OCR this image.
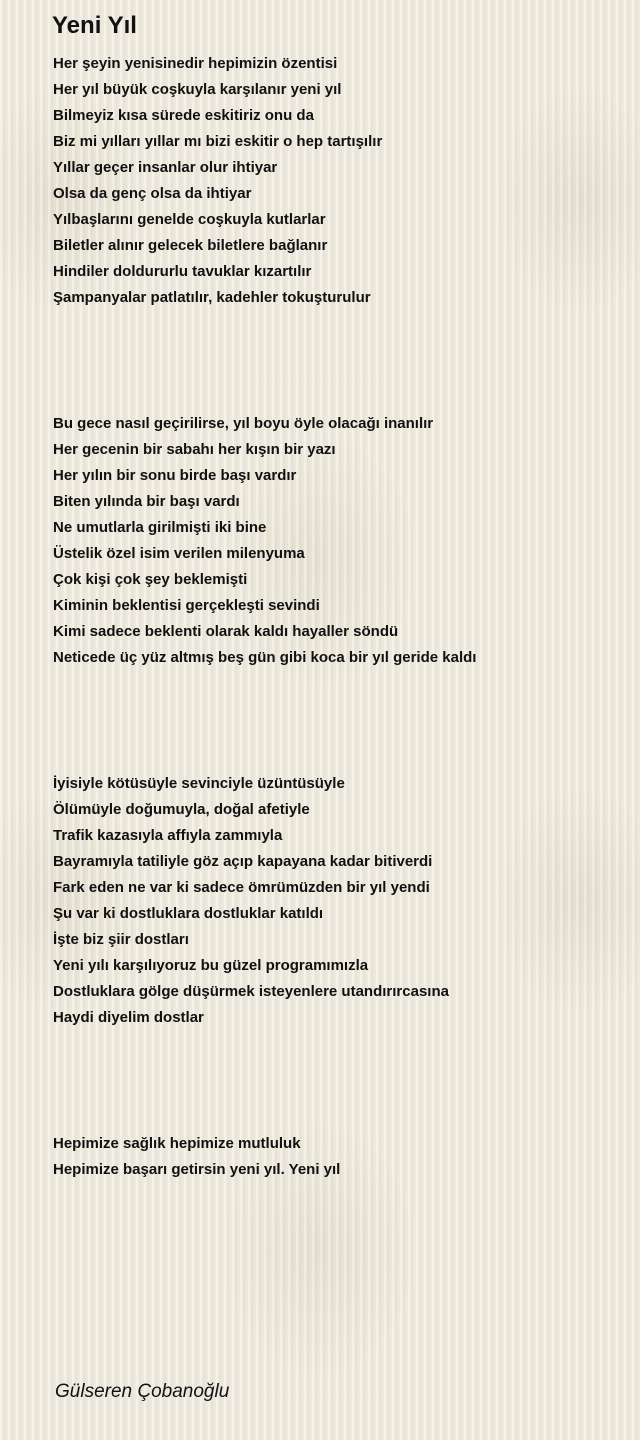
Yeni Yıl
Her şeyin yenisinedir hepimizin özentisi
Her yıl büyük coşkuyla karşılanır yeni yıl
Bilmeyiz kısa sürede eskitiriz onu da
Biz mi yılları yıllar mı bizi eskitir o hep tartışılır
Yıllar geçer insanlar olur ihtiyar
Olsa da genç olsa da ihtiyar
Yılbaşlarını genelde coşkuyla kutlarlar
Biletler alınır gelecek biletlere bağlanır
Hindiler doldururlu tavuklar kızartılır
Şampanyalar patlatılır, kadehler tokuşturulur
Bu gece nasıl geçirilirse, yıl boyu öyle olacağı inanılır
Her gecenin bir sabahı her kışın bir yazı
Her yılın bir sonu birde başı vardır
Biten yılında bir başı vardı
Ne umutlarla girilmişti iki bine
Üstelik özel isim verilen milenyuma
Çok kişi çok şey beklemişti
Kiminin beklentisi gerçekleşti sevindi
Kimi sadece beklenti olarak kaldı hayaller söndü
Neticede üç yüz altmış beş gün gibi koca bir yıl geride kaldı
İyisiyle kötüsüyle sevinciyle üzüntüsüyle
Ölümüyle doğumuyla, doğal afetiyle
Trafik kazasıyla affıyla zammıyla
Bayramıyla tatiliyle göz açıp kapayana kadar bitiverdi
Fark eden ne var ki sadece ömrümüzden bir yıl yendi
Şu var ki dostluklara dostluklar katıldı
İşte biz şiir dostları
Yeni yılı karşılıyoruz bu güzel programımızla
Dostluklara gölge düşürmek isteyenlere utandırırcasına
Haydi diyelim dostlar
Hepimize sağlık hepimize mutluluk
Hepimize başarı getirsin yeni yıl. Yeni yıl
Gülseren Çobanoğlu
